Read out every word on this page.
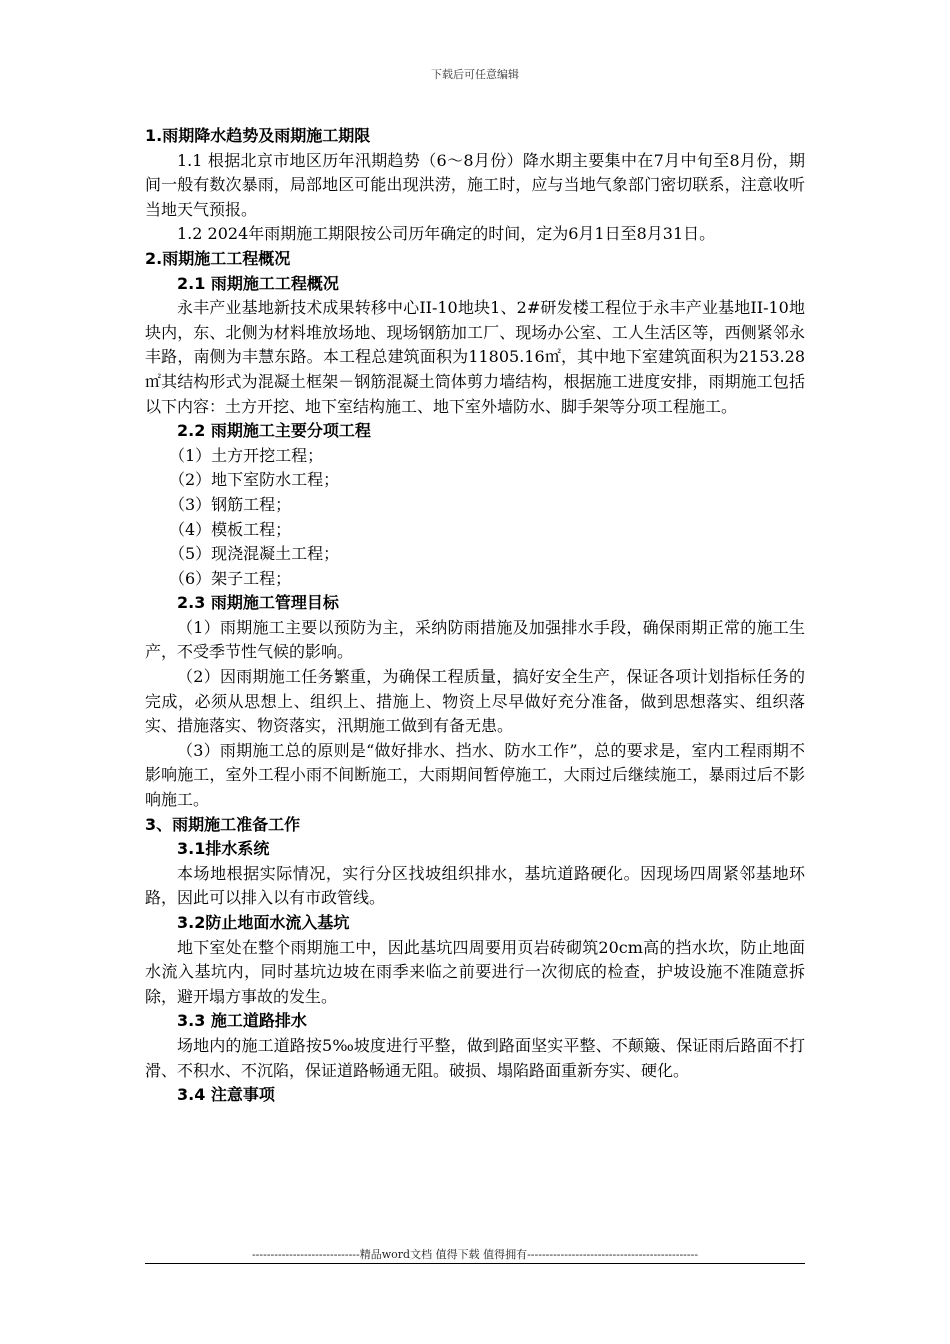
下载后可任意编辑

1.雨期降水趋势及雨期施工期限

1.1 根据北京市地区历年汛期趋势（6～8月份）降水期主要集中在7月中旬至8月份，期间一般有数次暴雨，局部地区可能出现洪涝，施工时，应与当地气象部门密切联系，注意收听当地天气预报。

1.2 2024年雨期施工期限按公司历年确定的时间，定为6月1日至8月31日。

2.雨期施工工程概况

2.1 雨期施工工程概况

永丰产业基地新技术成果转移中心II-10地块1、2#研发楼工程位于永丰产业基地II-10地块内，东、北侧为材料堆放场地、现场钢筋加工厂、现场办公室、工人生活区等，西侧紧邻永丰路，南侧为丰慧东路。本工程总建筑面积为11805.16㎡，其中地下室建筑面积为2153.28㎡其结构形式为混凝土框架－钢筋混凝土筒体剪力墙结构，根据施工进度安排，雨期施工包括以下内容：土方开挖、地下室结构施工、地下室外墙防水、脚手架等分项工程施工。

2.2 雨期施工主要分项工程

（1）土方开挖工程；

（2）地下室防水工程；

（3）钢筋工程；

（4）模板工程；

（5）现浇混凝土工程；

（6）架子工程；

2.3 雨期施工管理目标

（1）雨期施工主要以预防为主，采纳防雨措施及加强排水手段，确保雨期正常的施工生产，不受季节性气候的影响。

（2）因雨期施工任务繁重，为确保工程质量，搞好安全生产，保证各项计划指标任务的完成，必须从思想上、组织上、措施上、物资上尽早做好充分准备，做到思想落实、组织落实、措施落实、物资落实，汛期施工做到有备无患。

（3）雨期施工总的原则是“做好排水、挡水、防水工作”，总的要求是，室内工程雨期不影响施工，室外工程小雨不间断施工，大雨期间暂停施工，大雨过后继续施工，暴雨过后不影响施工。

3、雨期施工准备工作

3.1排水系统

本场地根据实际情况，实行分区找坡组织排水，基坑道路硬化。因现场四周紧邻基地环路，因此可以排入以有市政管线。

3.2防止地面水流入基坑

地下室处在整个雨期施工中，因此基坑四周要用页岩砖砌筑20cm高的挡水坎，防止地面水流入基坑内，同时基坑边坡在雨季来临之前要进行一次彻底的检查，护坡设施不准随意拆除，避开塌方事故的发生。

3.3 施工道路排水

场地内的施工道路按5‰坡度进行平整，做到路面坚实平整、不颠簸、保证雨后路面不打滑、不积水、不沉陷，保证道路畅通无阻。破损、塌陷路面重新夯实、硬化。

3.4 注意事项

-----------------------------精品word文档 值得下载 值得拥有----------------------------------------------
